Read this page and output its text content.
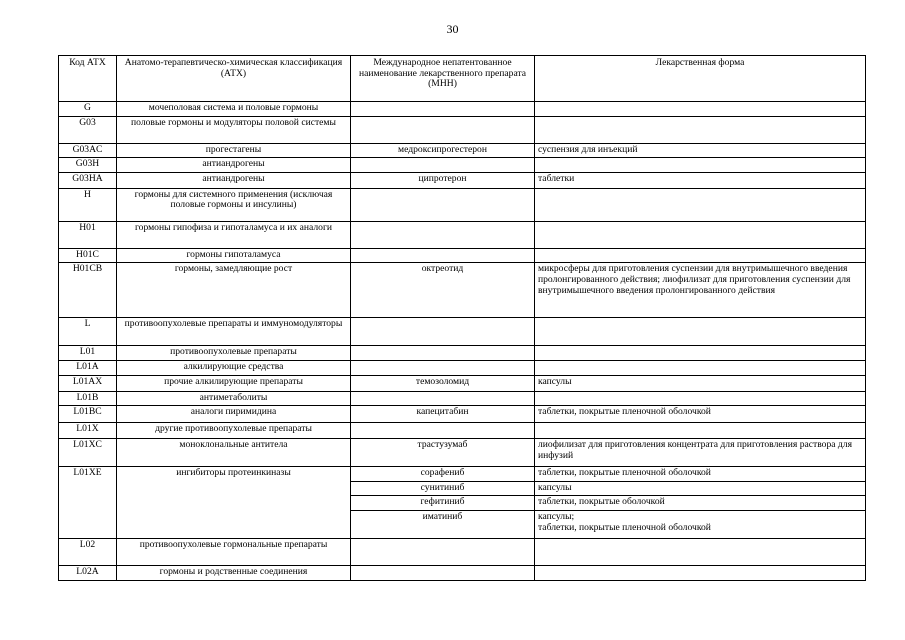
30
Код АТХ	Анатомо-терапевтическо-химическая классификация (АТХ)	Международное непатентованное наименование лекарственного препарата (МНН)	Лекарственная форма
G	мочеполовая система и половые гормоны		
G03	половые гормоны и модуляторы половой системы		
G03AC	прогестагены	медроксипрогестерон	суспензия для инъекций
G03H	антиандрогены		
G03HA	антиандрогены	ципротерон	таблетки
H	гормоны для системного применения (исключая половые гормоны и инсулины)		
H01	гормоны гипофиза и гипоталамуса и их аналоги		
H01C	гормоны гипоталамуса		
H01CB	гормоны, замедляющие рост	октреотид	микросферы для приготовления суспензии для внутримышечного введения пролонгированного действия; лиофилизат для приготовления суспензии для внутримышечного введения пролонгированного действия
L	противоопухолевые препараты и иммуномодуляторы		
L01	противоопухолевые препараты		
L01A	алкилирующие средства		
L01AX	прочие алкилирующие препараты	темозоломид	капсулы
L01B	антиметаболиты		
L01BC	аналоги пиримидина	капецитабин	таблетки, покрытые пленочной оболочкой
L01X	другие противоопухолевые препараты		
L01XC	моноклональные антитела	трастузумаб	лиофилизат для приготовления концентрата для приготовления раствора для инфузий
L01XE	ингибиторы протеинкиназы	сорафениб	таблетки, покрытые пленочной оболочкой
		сунитиниб	капсулы
		гефитиниб	таблетки, покрытые оболочкой
		иматиниб	капсулы;
таблетки, покрытые пленочной оболочкой
L02	противоопухолевые гормональные препараты		
L02A	гормоны и родственные соединения		
